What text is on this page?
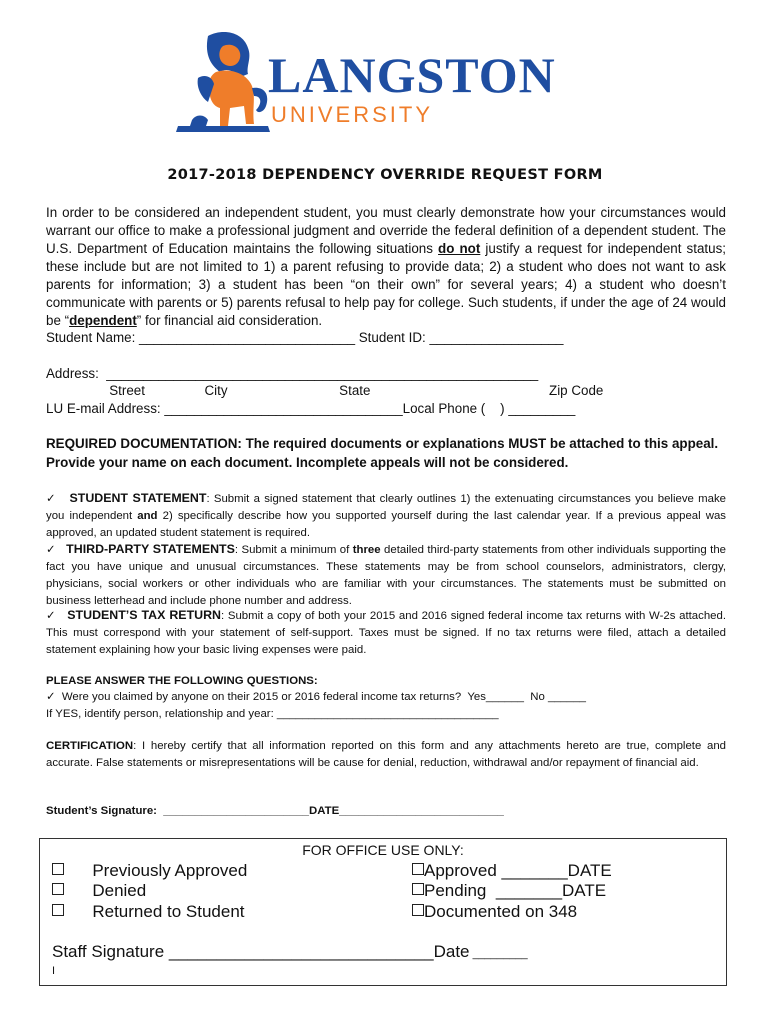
LANGSTON
UNIVERSITY
2017-2018 DEPENDENCY OVERRIDE REQUEST FORM
In order to be considered an independent student, you must clearly demonstrate how your circumstances would warrant our office to make a professional judgment and override the federal definition of a dependent student. The U.S. Department of Education maintains the following situations do not justify a request for independent status; these include but are not limited to 1) a parent refusing to provide data; 2) a student who does not want to ask parents for information; 3) a student has been “on their own” for several years; 4) a student who doesn’t communicate with parents or 5) parents refusal to help pay for college. Such students, if under the age of 24 would be “dependent” for financial aid consideration.
Student Name: _____________________________ Student ID: __________________
Address:  __________________________________________________________
Street                City                              State                                                Zip Code
LU E-mail Address: ________________________________Local Phone (    ) _________
REQUIRED DOCUMENTATION: The required documents or explanations MUST be attached to this appeal. Provide your name on each document. Incomplete appeals will not be considered.
✓ STUDENT STATEMENT: Submit a signed statement that clearly outlines 1) the extenuating circumstances you believe make you independent and 2) specifically describe how you supported yourself during the last calendar year. If a previous appeal was approved, an updated student statement is required.
✓ THIRD-PARTY STATEMENTS: Submit a minimum of three detailed third-party statements from other individuals supporting the fact you have unique and unusual circumstances. These statements may be from school counselors, administrators, clergy, physicians, social workers or other individuals who are familiar with your circumstances. The statements must be submitted on business letterhead and include phone number and address.
✓ STUDENT’S TAX RETURN: Submit a copy of both your 2015 and 2016 signed federal income tax returns with W-2s attached. This must correspond with your statement of self-support. Taxes must be signed. If no tax returns were filed, attach a detailed statement explaining how your basic living expenses were paid.
PLEASE ANSWER THE FOLLOWING QUESTIONS:
✓  Were you claimed by anyone on their 2015 or 2016 federal income tax returns?  Yes______  No ______
If YES, identify person, relationship and year: ___________________________________
CERTIFICATION: I hereby certify that all information reported on this form and any attachments hereto are true, complete and accurate. False statements or misrepresentations will be cause for denial, reduction, withdrawal and/or repayment of financial aid.
Student’s Signature:  _______________________DATE__________________________
FOR OFFICE USE ONLY:
Previously Approved
Denied
Returned to Student
Approved _______DATE
Pending  _______DATE
Documented on 348
Staff Signature ____________________________Date _________
I
